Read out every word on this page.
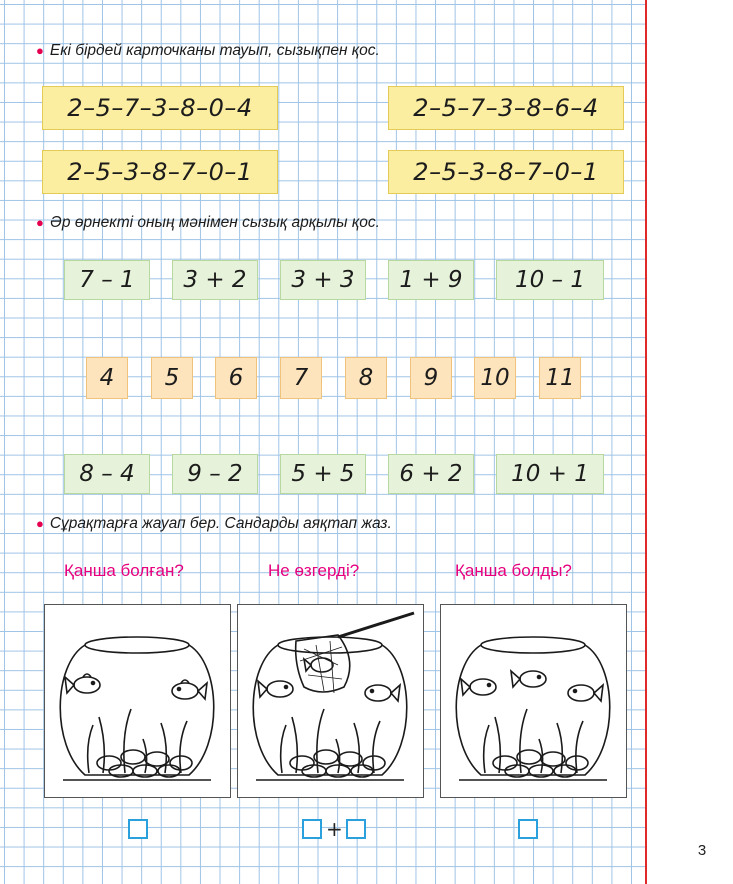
● Екі бірдей карточканы тауып, сызықпен қос.
● Әр өрнекті оның мәнімен сызық арқылы қос.
● Сұрақтарға жауап бер. Сандарды аяқтап жаз.
2–5–7–3–8–0–4	2–5–7–3–8–6–4
2–5–3–8–7–0–1	2–5–3–8–7–0–1
7 – 1	3 + 2	3 + 3	1 + 9	10 – 1
4	5	6	7	8	9	10 11
8 – 4	9 – 2	5 + 5	6 + 2	10 + 1
Қанша болған?	Не өзгерді?	Қанша болды?
+
3
